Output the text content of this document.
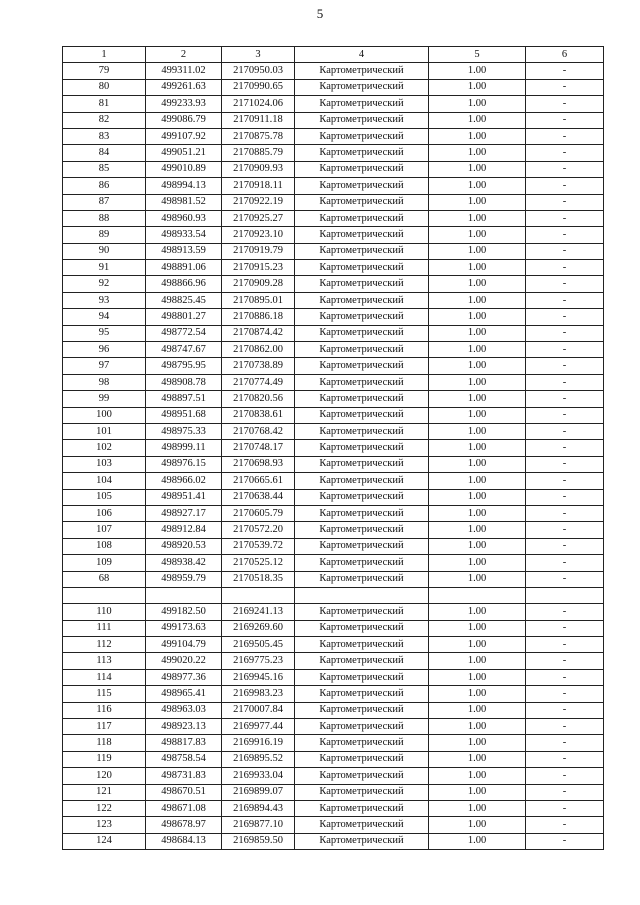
5
1	2	3	4	5	6
79	499311.02	2170950.03	Картометрический	1.00	-
80	499261.63	2170990.65	Картометрический	1.00	-
81	499233.93	2171024.06	Картометрический	1.00	-
82	499086.79	2170911.18	Картометрический	1.00	-
83	499107.92	2170875.78	Картометрический	1.00	-
84	499051.21	2170885.79	Картометрический	1.00	-
85	499010.89	2170909.93	Картометрический	1.00	-
86	498994.13	2170918.11	Картометрический	1.00	-
87	498981.52	2170922.19	Картометрический	1.00	-
88	498960.93	2170925.27	Картометрический	1.00	-
89	498933.54	2170923.10	Картометрический	1.00	-
90	498913.59	2170919.79	Картометрический	1.00	-
91	498891.06	2170915.23	Картометрический	1.00	-
92	498866.96	2170909.28	Картометрический	1.00	-
93	498825.45	2170895.01	Картометрический	1.00	-
94	498801.27	2170886.18	Картометрический	1.00	-
95	498772.54	2170874.42	Картометрический	1.00	-
96	498747.67	2170862.00	Картометрический	1.00	-
97	498795.95	2170738.89	Картометрический	1.00	-
98	498908.78	2170774.49	Картометрический	1.00	-
99	498897.51	2170820.56	Картометрический	1.00	-
100	498951.68	2170838.61	Картометрический	1.00	-
101	498975.33	2170768.42	Картометрический	1.00	-
102	498999.11	2170748.17	Картометрический	1.00	-
103	498976.15	2170698.93	Картометрический	1.00	-
104	498966.02	2170665.61	Картометрический	1.00	-
105	498951.41	2170638.44	Картометрический	1.00	-
106	498927.17	2170605.79	Картометрический	1.00	-
107	498912.84	2170572.20	Картометрический	1.00	-
108	498920.53	2170539.72	Картометрический	1.00	-
109	498938.42	2170525.12	Картометрический	1.00	-
68	498959.79	2170518.35	Картометрический	1.00	-

110	499182.50	2169241.13	Картометрический	1.00	-
111	499173.63	2169269.60	Картометрический	1.00	-
112	499104.79	2169505.45	Картометрический	1.00	-
113	499020.22	2169775.23	Картометрический	1.00	-
114	498977.36	2169945.16	Картометрический	1.00	-
115	498965.41	2169983.23	Картометрический	1.00	-
116	498963.03	2170007.84	Картометрический	1.00	-
117	498923.13	2169977.44	Картометрический	1.00	-
118	498817.83	2169916.19	Картометрический	1.00	-
119	498758.54	2169895.52	Картометрический	1.00	-
120	498731.83	2169933.04	Картометрический	1.00	-
121	498670.51	2169899.07	Картометрический	1.00	-
122	498671.08	2169894.43	Картометрический	1.00	-
123	498678.97	2169877.10	Картометрический	1.00	-
124	498684.13	2169859.50	Картометрический	1.00	-
